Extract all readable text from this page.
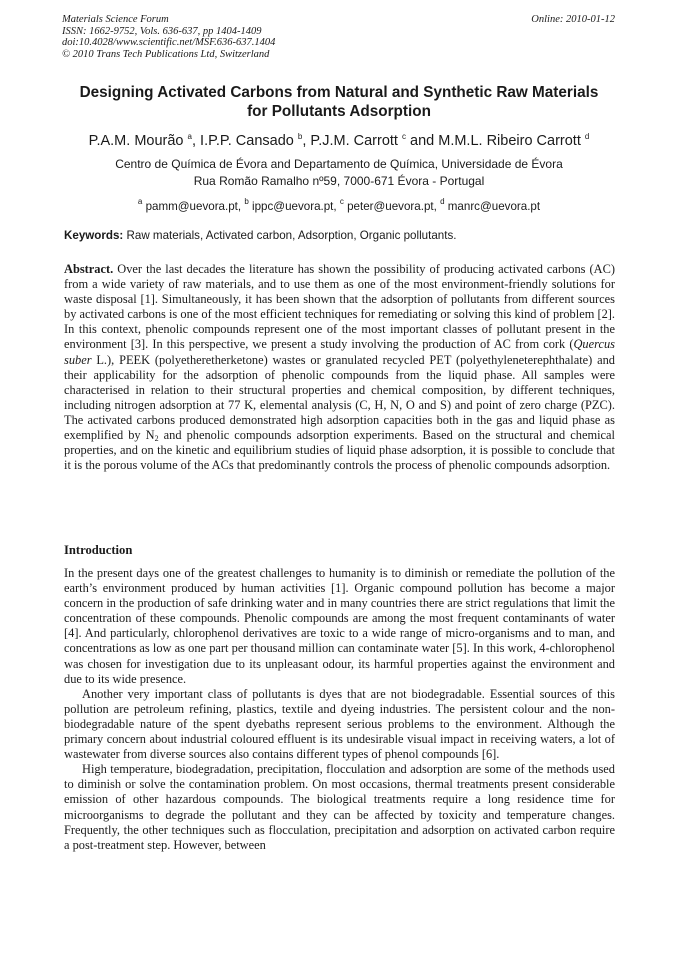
Materials Science Forum
ISSN: 1662-9752, Vols. 636-637, pp 1404-1409
doi:10.4028/www.scientific.net/MSF.636-637.1404
© 2010 Trans Tech Publications Ltd, Switzerland
Online: 2010-01-12
Designing Activated Carbons from Natural and Synthetic Raw Materials
for Pollutants Adsorption
P.A.M. Mourão $^a$, I.P.P. Cansado $^b$, P.J.M. Carrott $^c$ and M.M.L. Ribeiro Carrott $^d$
Centro de Química de Évora and Departamento de Química, Universidade de Évora
Rua Romão Ramalho nº59, 7000-671 Évora - Portugal
$^a$ pamm@uevora.pt, $^b$ ippc@uevora.pt, $^c$ peter@uevora.pt, $^d$ manrc@uevora.pt
Keywords: Raw materials, Activated carbon, Adsorption, Organic pollutants.

Abstract. Over the last decades the literature has shown the possibility of producing activated carbons (AC) from a wide variety of raw materials, and to use them as one of the most environment-friendly solutions for waste disposal [1]. Simultaneously, it has been shown that the adsorption of pollutants from different sources by activated carbons is one of the most efficient techniques for remediating or solving this kind of problem [2]. In this context, phenolic compounds represent one of the most important classes of pollutant present in the environment [3]. In this perspective, we present a study involving the production of AC from cork (Quercus suber L.), PEEK (polyetheretherketone) wastes or granulated recycled PET (polyethyleneterephthalate) and their applicability for the adsorption of phenolic compounds from the liquid phase. All samples were characterised in relation to their structural properties and chemical composition, by different techniques, including nitrogen adsorption at 77 K, elemental analysis (C, H, N, O and S) and point of zero charge (PZC). The activated carbons produced demonstrated high adsorption capacities both in the gas and liquid phase as exemplified by $N_2$ and phenolic compounds adsorption experiments. Based on the structural and chemical properties, and on the kinetic and equilibrium studies of liquid phase adsorption, it is possible to conclude that it is the porous volume of the ACs that predominantly controls the process of phenolic compounds adsorption.

Introduction

In the present days one of the greatest challenges to humanity is to diminish or remediate the pollution of the earth’s environment produced by human activities [1]. Organic compound pollution has become a major concern in the production of safe drinking water and in many countries there are strict regulations that limit the concentration of these compounds. Phenolic compounds are among the most frequent contaminants of water [4]. And particularly, chlorophenol derivatives are toxic to a wide range of micro-organisms and to man, and concentrations as low as one part per thousand million can contaminate water [5]. In this work, 4-chlorophenol was chosen for investigation due to its unpleasant odour, its harmful properties against the environment and due to its wide presence.

Another very important class of pollutants is dyes that are not biodegradable. Essential sources of this pollution are petroleum refining, plastics, textile and dyeing industries. The persistent colour and the non-biodegradable nature of the spent dyebaths represent serious problems to the environment. Although the primary concern about industrial coloured effluent is its undesirable visual impact in receiving waters, a lot of wastewater from diverse sources also contains different types of phenol compounds [6].

High temperature, biodegradation, precipitation, flocculation and adsorption are some of the methods used to diminish or solve the contamination problem. On most occasions, thermal treatments present considerable emission of other hazardous compounds. The biological treatments require a long residence time for microorganisms to degrade the pollutant and they can be affected by toxicity and temperature changes. Frequently, the other techniques such as flocculation, precipitation and adsorption on activated carbon require a post-treatment step. However, between
